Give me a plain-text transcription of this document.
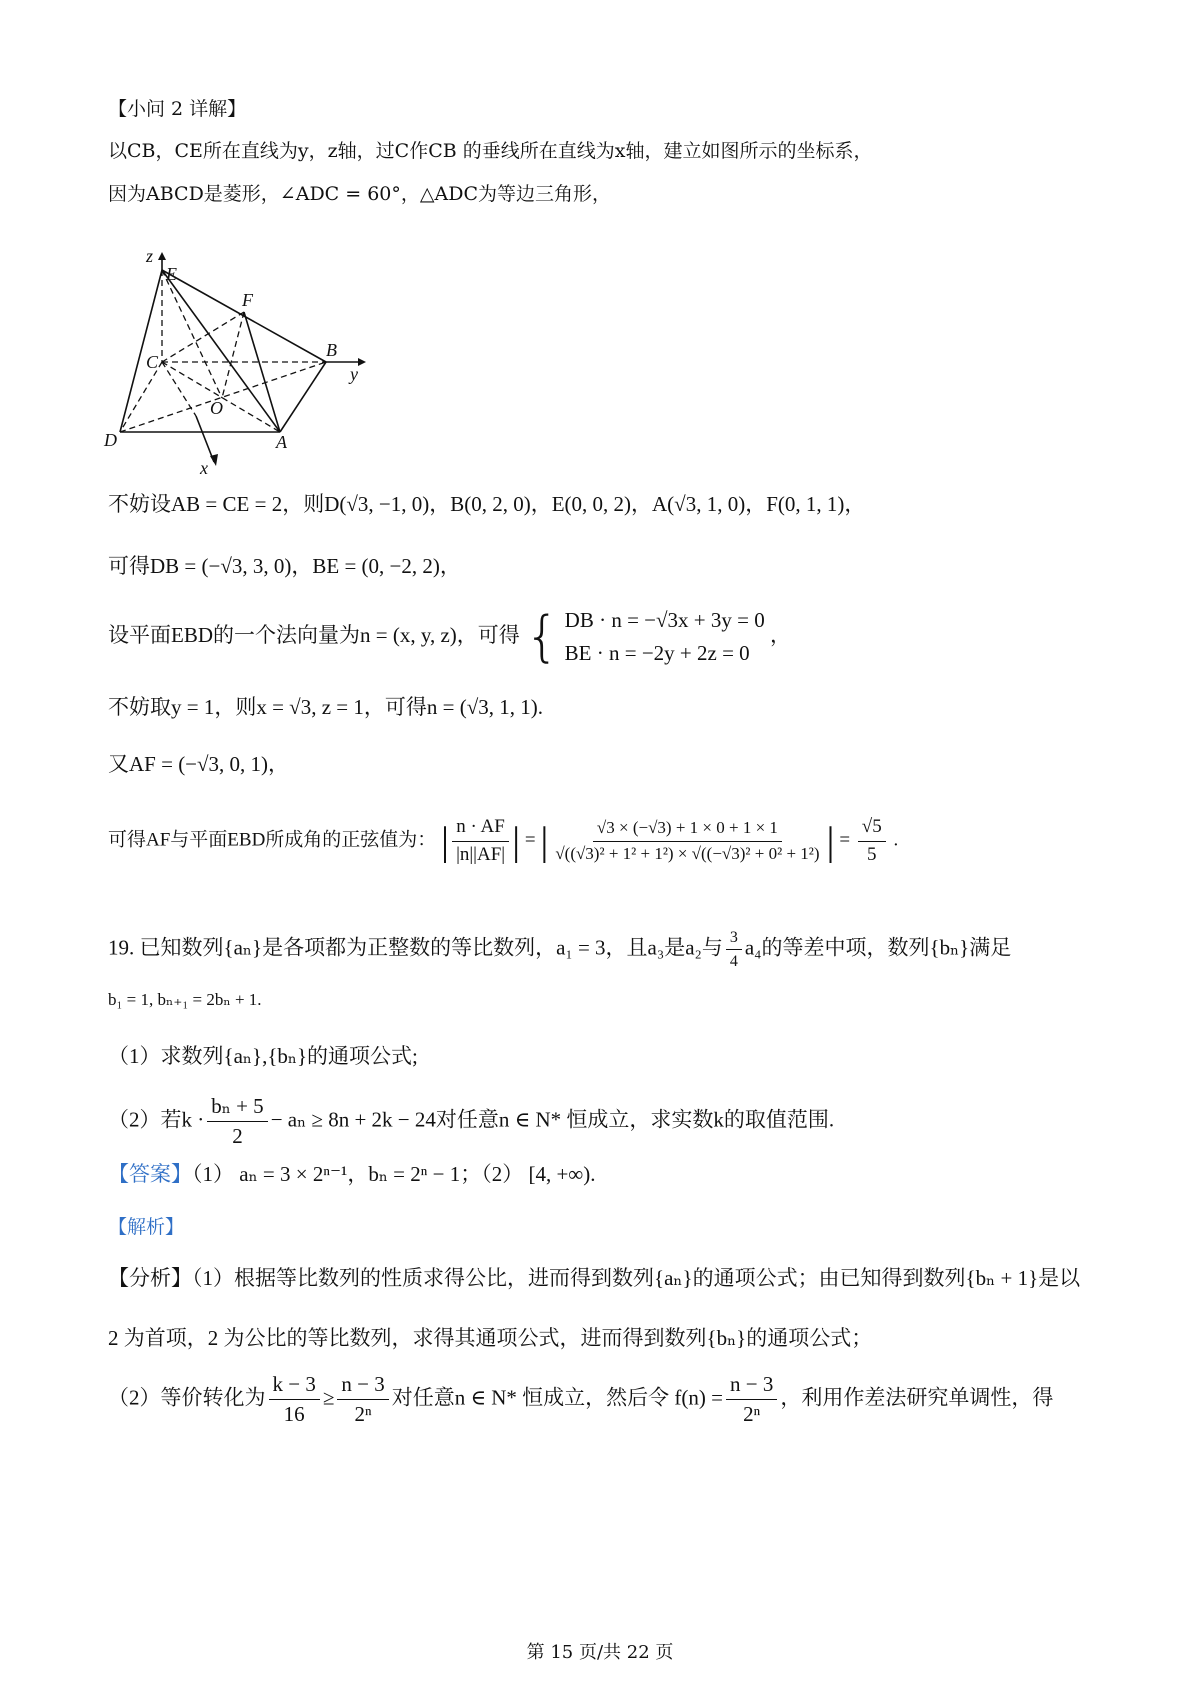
【小问 2 详解】
以CB，CE所在直线为y，z轴，过C作CB 的垂线所在直线为x轴，建立如图所示的坐标系，
因为ABCD是菱形，∠ADC = 60°，△ADC为等边三角形，
z
E
F
C
B
y
O
D	A
x
不妨设AB = CE = 2，则D(√3, −1, 0)，B(0, 2, 0)，E(0, 0, 2)，A(√3, 1, 0)，F(0, 1, 1)，
可得DB = (−√3, 3, 0)，BE = (0, −2, 2)，
设平面EBD的一个法向量为n = (x, y, z)，可得 { DB · n = −√3x + 3y = 0
BE · n = −2y + 2z = 0
，
不妨取y = 1，则x = √3, z = 1，可得n = (√3, 1, 1).
又AF = (−√3, 0, 1)，
可得AF与平面EBD所成角的正弦值为： | $\frac{n \cdot AF}{|n||AF|}$ | = | $\frac{√3 \times (-√3) + 1 \times 0 + 1 \times 1}{\text{√((√3)² + 1² + 1²) × √((−√3)² + 0² + 1²)}}$ | = $\frac{√5}{5}$ .
19. 已知数列{aₙ}是各项都为正整数的等比数列，a₁ = 3，且a₃是a₂与 $\frac{3}{4} a_4$的等差中项，数列{bₙ}满足
b₁ = 1, bₙ₊₁ = 2bₙ + 1.
（1）求数列{aₙ},{bₙ}的通项公式;
（2）若$k \cdot \frac{\text{bₙ + 5}}{2} - a_n \ge 8n + 2k - 24$对任意n ∈ N* 恒成立，求实数k的取值范围.
【答案】（1） aₙ = 3 × 2ⁿ⁻¹，bₙ = 2ⁿ − 1；（2） [4, +∞).
【解析】
【分析】（1）根据等比数列的性质求得公比，进而得到数列{aₙ}的通项公式；由已知得到数列{bₙ + 1}是以
2 为首项，2 为公比的等比数列，求得其通项公式，进而得到数列{bₙ}的通项公式；
（2）等价转化为 $\frac{k - 3}{16} \ge \frac{n - 3}{\text{2ⁿ}}$ 对任意n ∈ N* 恒成立，然后令 $f(n) = \frac{n - 3}{\text{2ⁿ}}$ ，利用作差法研究单调性，得
第 15 页/共 22 页
